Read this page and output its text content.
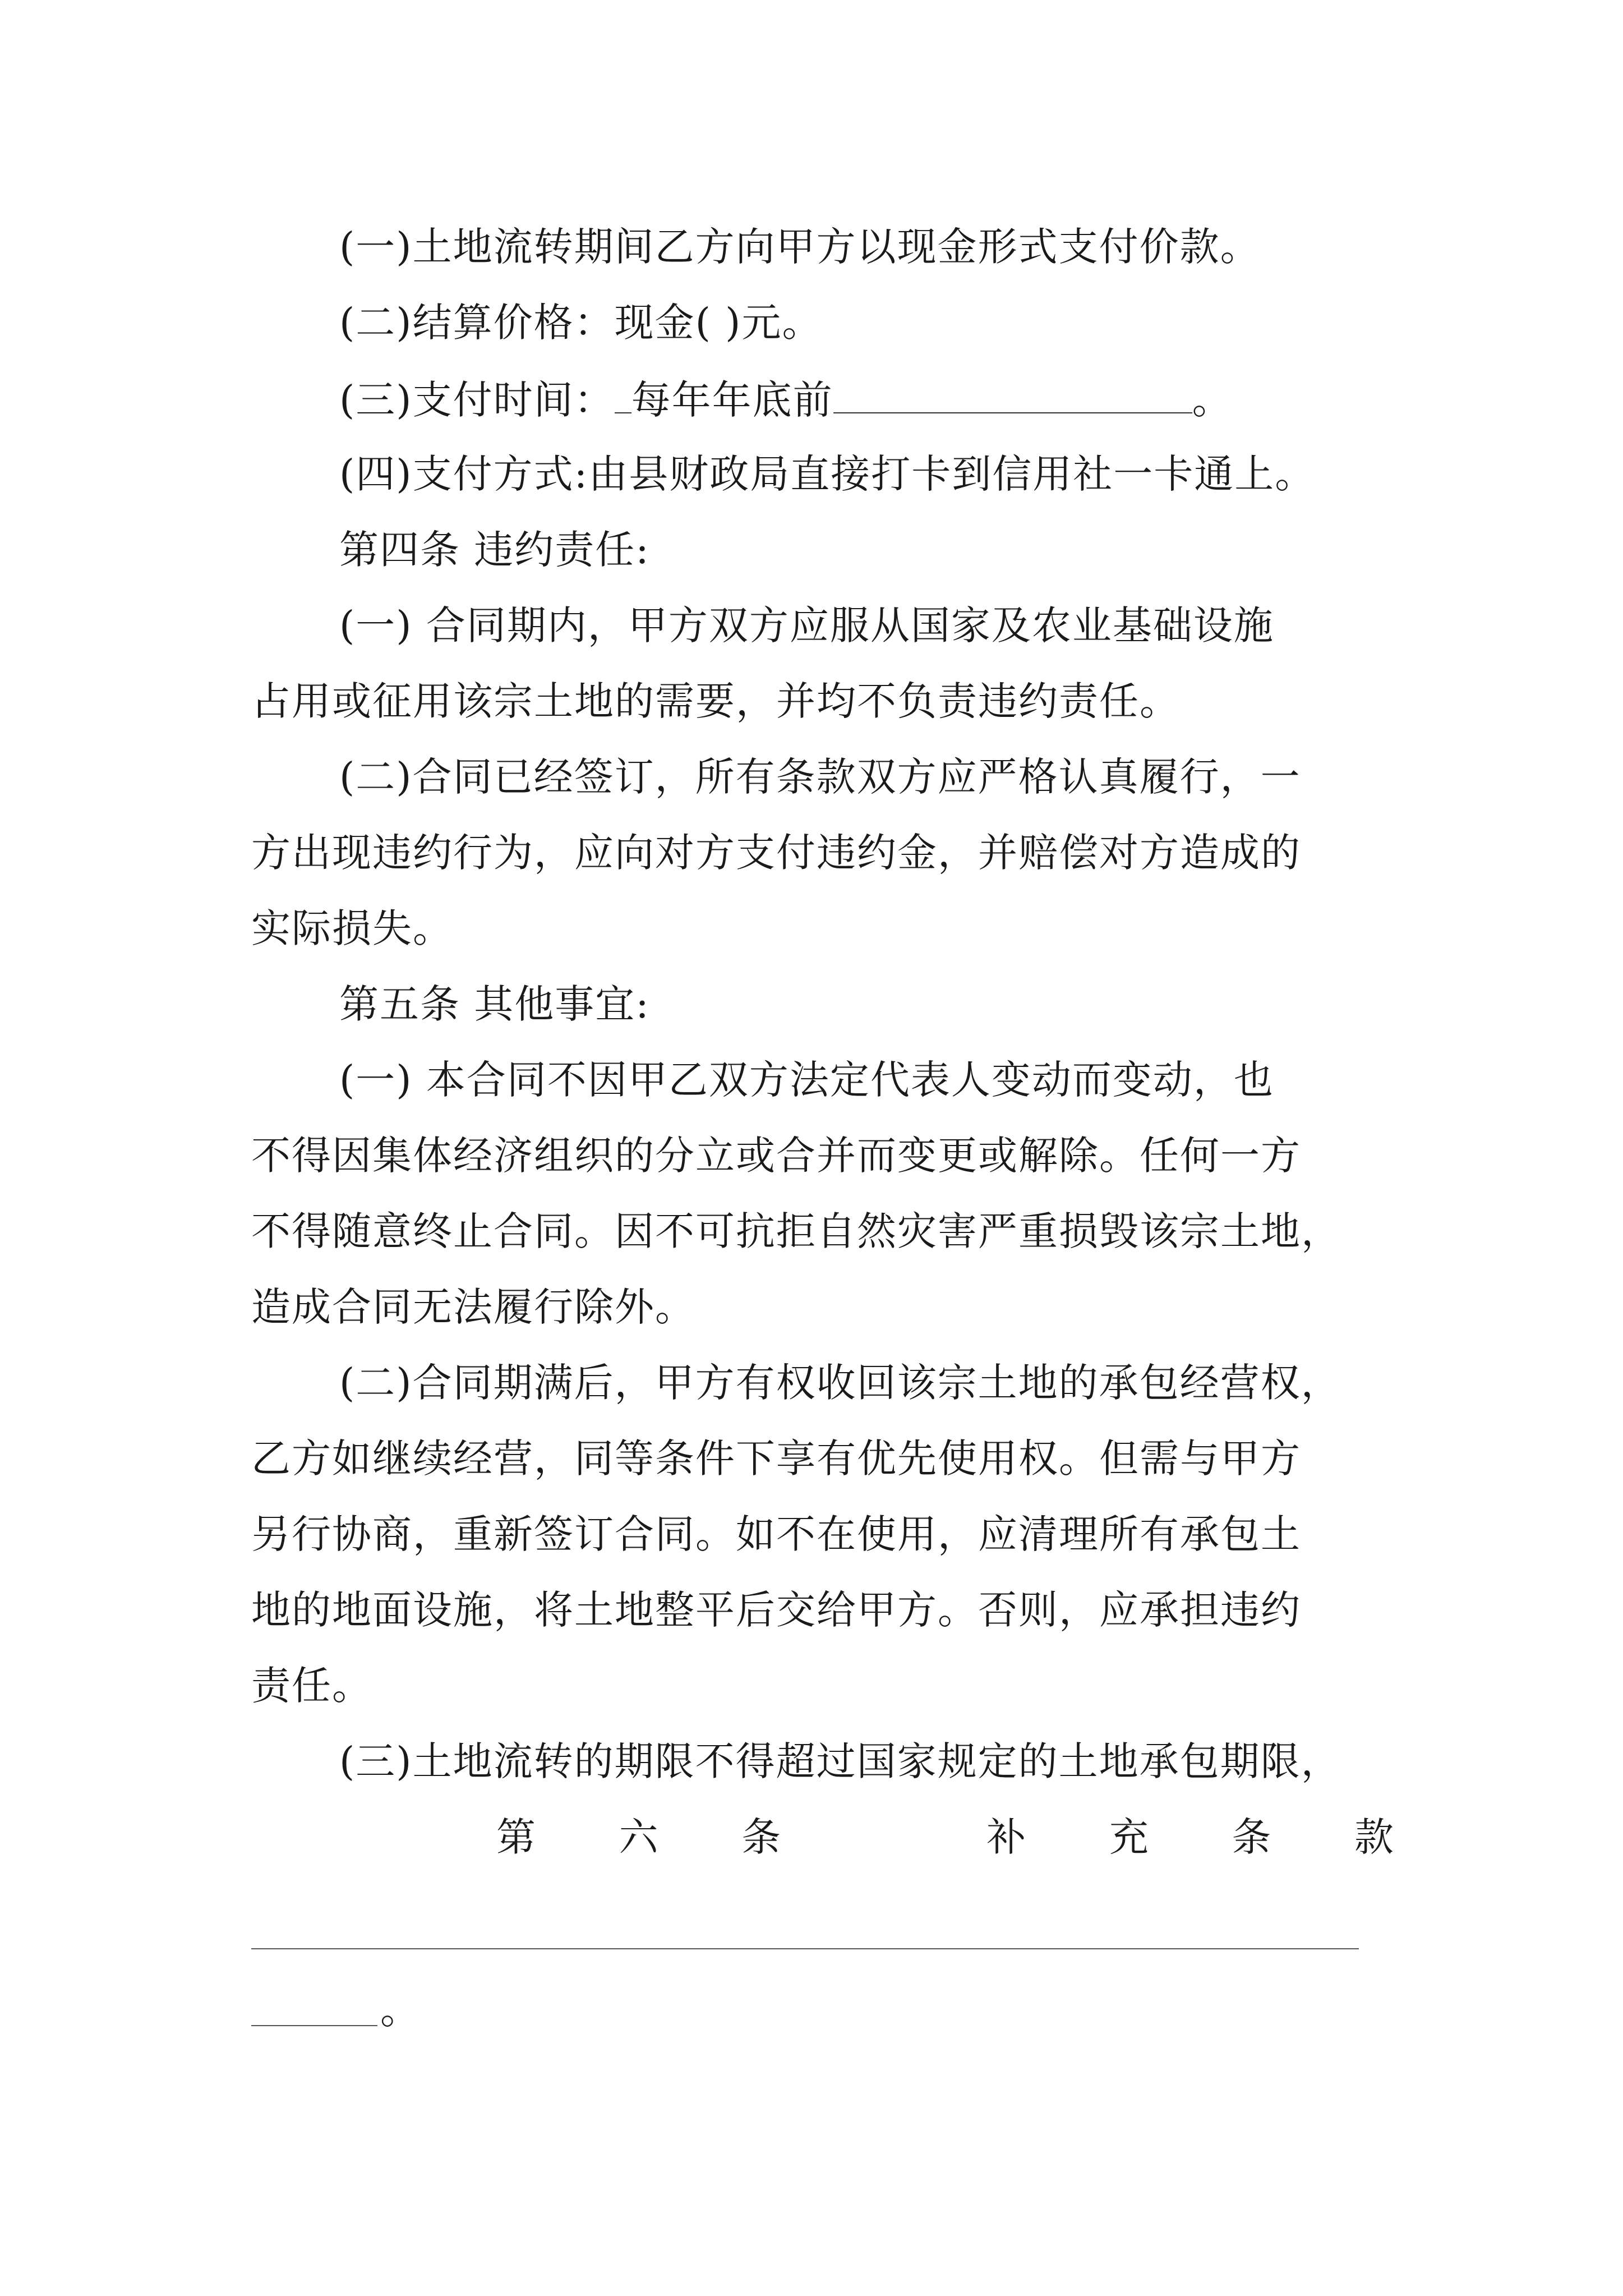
(一)土地流转期间乙方向甲方以现金形式支付价款。
(二)结算价格：现金( )元。
(三)支付时间： 每年年底前	。
(四)支付方式:由县财政局直接打卡到信用社一卡通上。
第四条 违约责任:
(一) 合同期内，甲方双方应服从国家及农业基础设施
占用或征用该宗土地的需要，并均不负责违约责任。
(二)合同已经签订，所有条款双方应严格认真履行，一
方出现违约行为，应向对方支付违约金，并赔偿对方造成的
实际损失。
第五条 其他事宜:
(一) 本合同不因甲乙双方法定代表人变动而变动，也
不得因集体经济组织的分立或合并而变更或解除。任何一方
不得随意终止合同。因不可抗拒自然灾害严重损毁该宗土地，
造成合同无法履行除外。
(二)合同期满后，甲方有权收回该宗土地的承包经营权，
乙方如继续经营，同等条件下享有优先使用权。但需与甲方
另行协商，重新签订合同。如不在使用，应清理所有承包土
地的地面设施，将土地整平后交给甲方。否则，应承担违约
责任。
(三)土地流转的期限不得超过国家规定的土地承包期限，
第 六 条	补 充 条 款
。
